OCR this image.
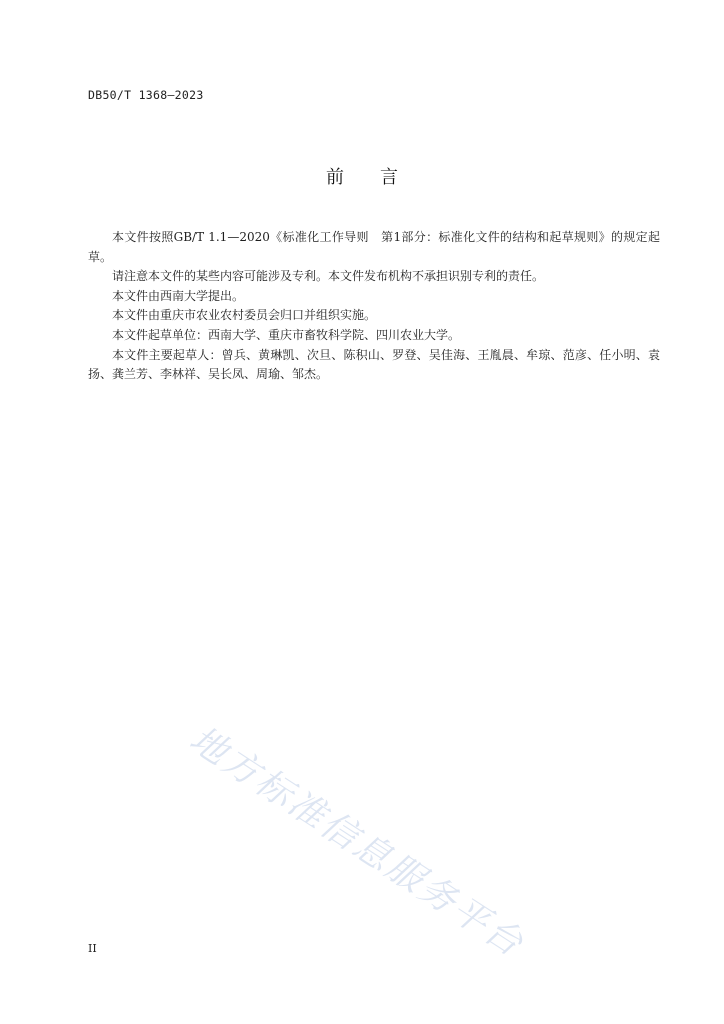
DB50/T 1368—2023
前 言

本文件按照GB/T 1.1—2020《标准化工作导则　第1部分：标准化文件的结构和起草规则》的规定起草。

请注意本文件的某些内容可能涉及专利。本文件发布机构不承担识别专利的责任。

本文件由西南大学提出。

本文件由重庆市农业农村委员会归口并组织实施。

本文件起草单位：西南大学、重庆市畜牧科学院、四川农业大学。

本文件主要起草人：曾兵、黄琳凯、次旦、陈积山、罗登、吴佳海、王胤晨、牟琼、范彦、任小明、袁扬、龚兰芳、李林祥、吴长凤、周瑜、邹杰。

地方标准信息服务平台
II
